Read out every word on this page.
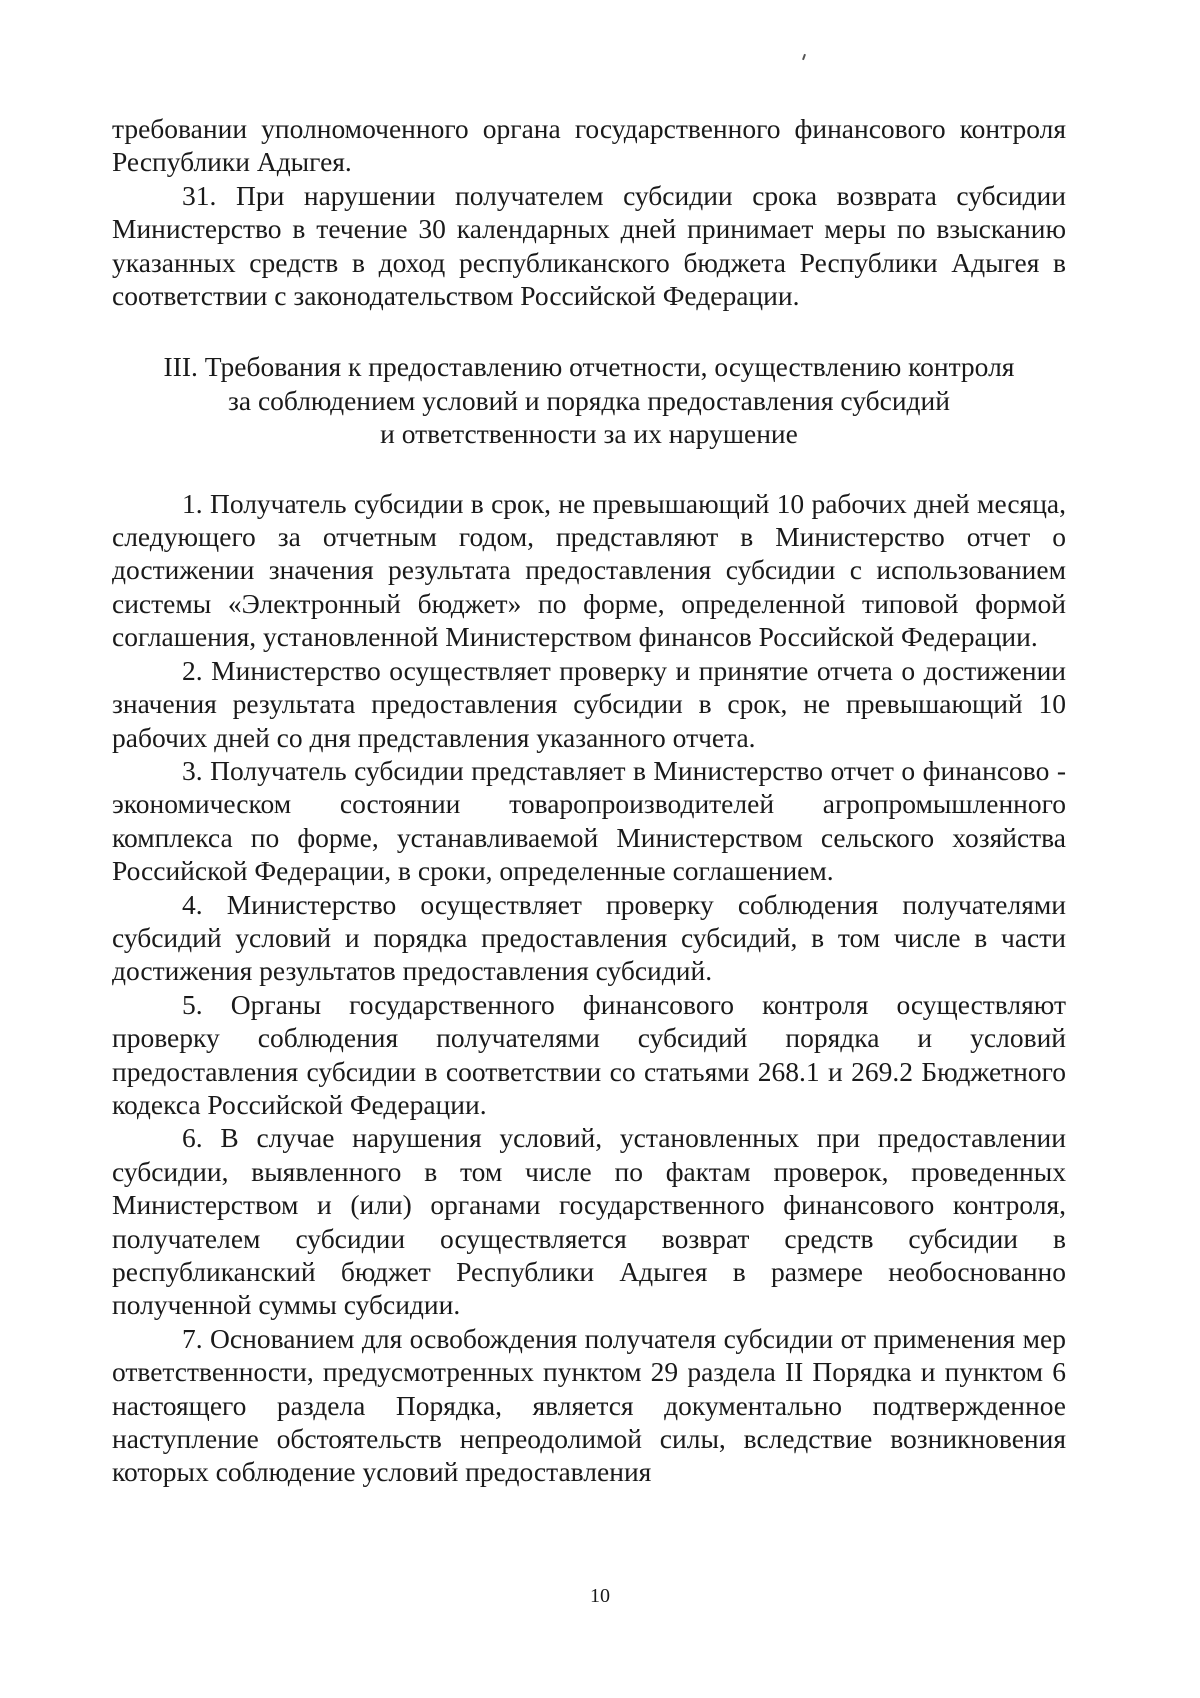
требовании уполномоченного органа государственного финансового контроля Республики Адыгея.

31. При нарушении получателем субсидии срока возврата субсидии Министерство в течение 30 календарных дней принимает меры по взысканию указанных средств в доход республиканского бюджета Республики Адыгея в соответствии с законодательством Российской Федерации.

III. Требования к предоставлению отчетности, осуществлению контроля
за соблюдением условий и порядка предоставления субсидий
и ответственности за их нарушение

1. Получатель субсидии в срок, не превышающий 10 рабочих дней месяца, следующего за отчетным годом, представляют в Министерство отчет о достижении значения результата предоставления субсидии с использованием системы «Электронный бюджет» по форме, определенной типовой формой соглашения, установленной Министерством финансов Российской Федерации.

2. Министерство осуществляет проверку и принятие отчета о достижении значения результата предоставления субсидии в срок, не превышающий 10 рабочих дней со дня представления указанного отчета.

3. Получатель субсидии представляет в Министерство отчет о финансово - экономическом состоянии товаропроизводителей агропромышленного комплекса по форме, устанавливаемой Министерством сельского хозяйства Российской Федерации, в сроки, определенные соглашением.

4. Министерство осуществляет проверку соблюдения получателями субсидий условий и порядка предоставления субсидий, в том числе в части достижения результатов предоставления субсидий.

5. Органы государственного финансового контроля осуществляют проверку соблюдения получателями субсидий порядка и условий предоставления субсидии в соответствии со статьями 268.1 и 269.2 Бюджетного кодекса Российской Федерации.

6. В случае нарушения условий, установленных при предоставлении субсидии, выявленного в том числе по фактам проверок, проведенных Министерством и (или) органами государственного финансового контроля, получателем субсидии осуществляется возврат средств субсидии в республиканский бюджет Республики Адыгея в размере необоснованно полученной суммы субсидии.

7. Основанием для освобождения получателя субсидии от применения мер ответственности, предусмотренных пунктом 29 раздела II Порядка и пунктом 6 настоящего раздела Порядка, является документально подтвержденное наступление обстоятельств непреодолимой силы, вследствие возникновения которых соблюдение условий предоставления

10
